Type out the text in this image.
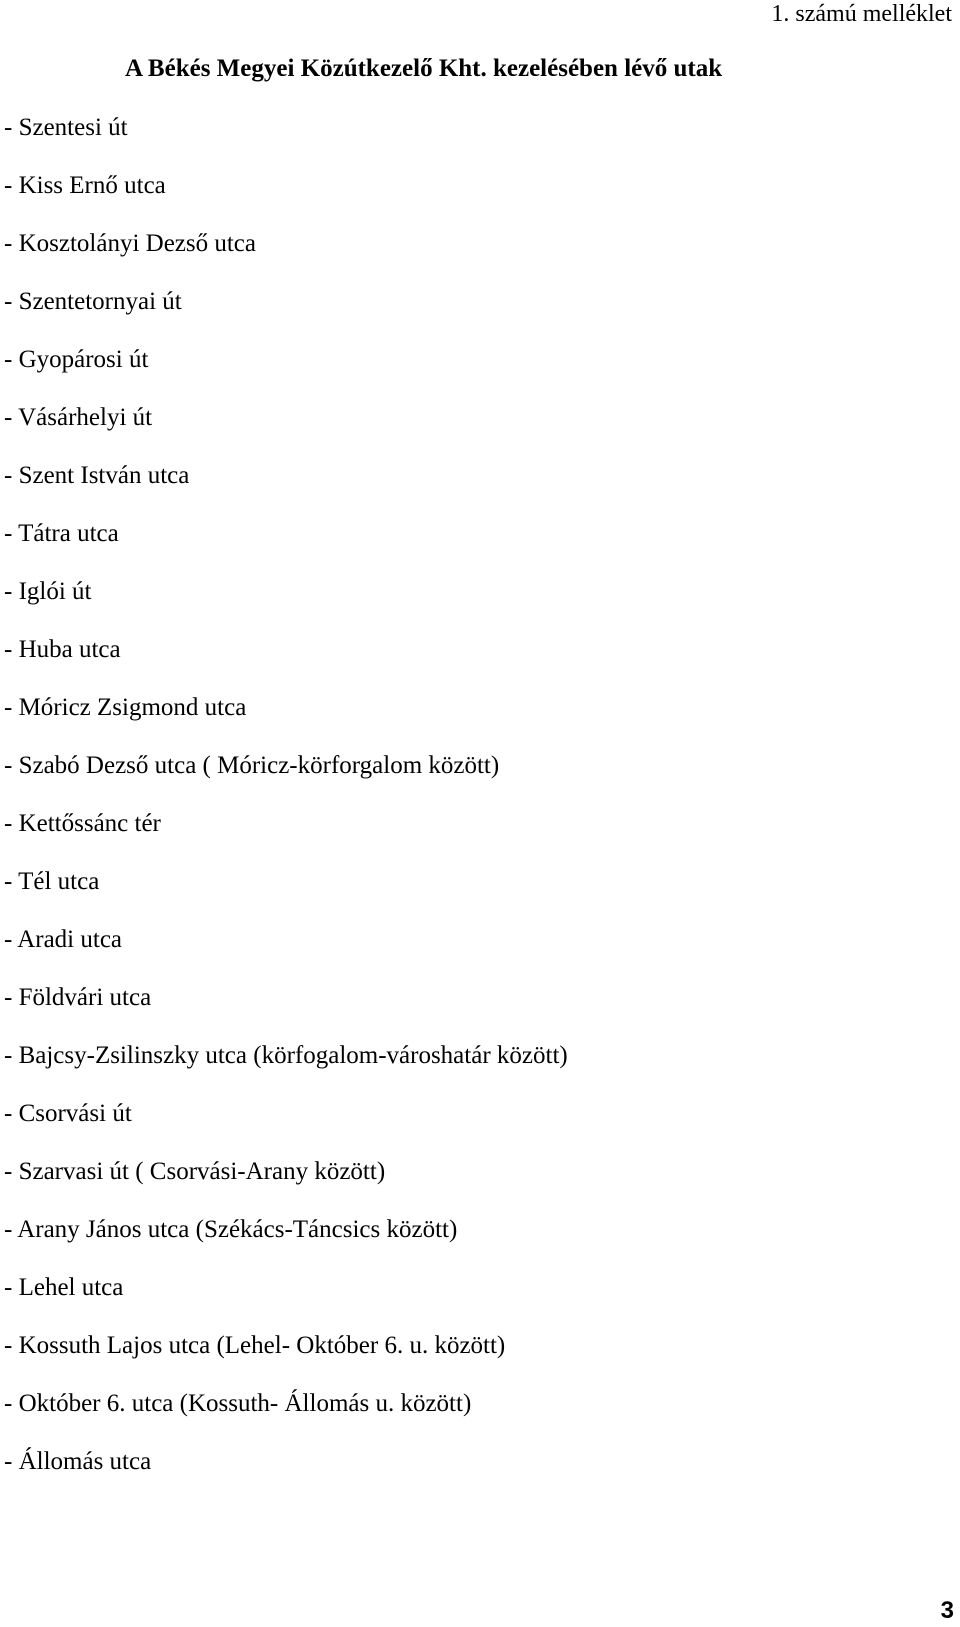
1. számú melléklet
A Békés Megyei Közútkezelő Kht. kezelésében lévő utak
- Szentesi út
- Kiss Ernő utca
- Kosztolányi Dezső utca
- Szentetornyai út
- Gyopárosi út
- Vásárhelyi út
- Szent István utca
- Tátra utca
- Iglói út
- Huba utca
- Móricz Zsigmond utca
- Szabó Dezső utca ( Móricz-körforgalom között)
- Kettőssánc tér
- Tél utca
- Aradi utca
- Földvári utca
- Bajcsy-Zsilinszky utca (körfogalom-városhatár között)
- Csorvási út
- Szarvasi út ( Csorvási-Arany között)
- Arany János utca (Székács-Táncsics között)
- Lehel utca
- Kossuth Lajos utca (Lehel- Október 6. u. között)
- Október 6. utca (Kossuth- Állomás u. között)
- Állomás utca
3
